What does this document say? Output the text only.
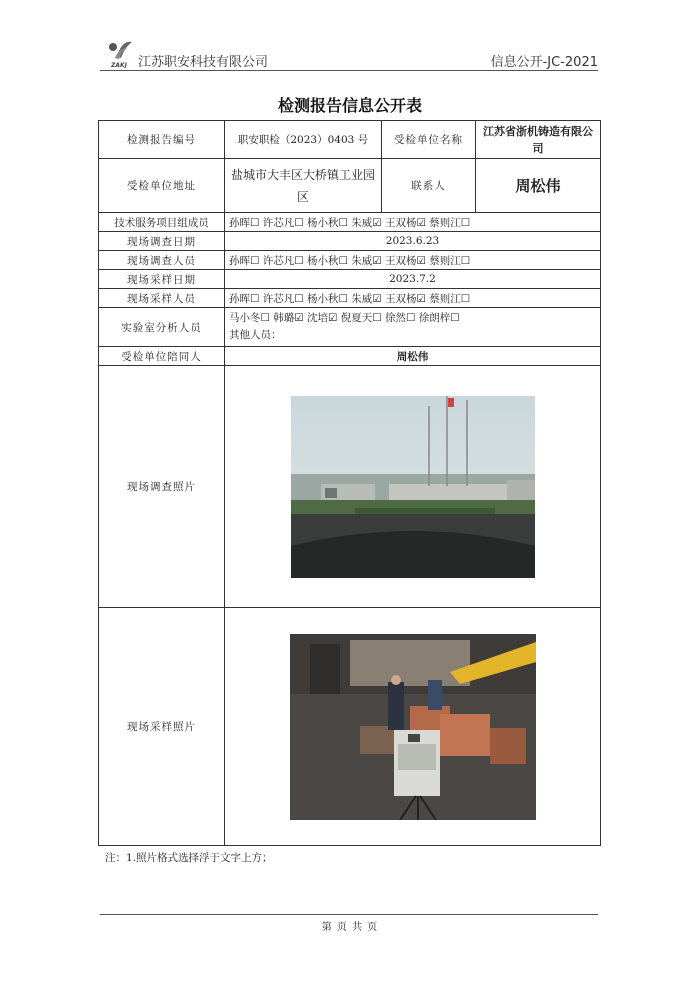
ZAKJ 江苏职安科技有限公司	信息公开-JC-2021
检测报告信息公开表
检测报告编号	职安职检（2023）0403 号	受检单位名称	江苏省浙机铸造有限公司
受检单位地址	盐城市大丰区大桥镇工业园区	联系人	周松伟
技术服务项目组成员	孙晖☐ 许芯凡☐ 杨小秋☐ 朱威☑ 王双杨☑ 蔡则江☐		
现场调查日期	2023.6.23		
现场调查人员	孙晖☐ 许芯凡☐ 杨小秋☐ 朱威☑ 王双杨☑ 蔡则江☐		
现场采样日期	2023.7.2		
现场采样人员	孙晖☐ 许芯凡☐ 杨小秋☐ 朱威☑ 王双杨☑ 蔡则江☐		
实验室分析人员	马小冬☐ 韩璐☑ 沈培☑ 倪夏天☐ 徐然☐ 徐朗梓☐
其他人员：		

受检单位陪同人	周松伟		
现场调查照片	

现场采样照片	
注：1.照片格式选择浮于文字上方；
第 页 共 页
